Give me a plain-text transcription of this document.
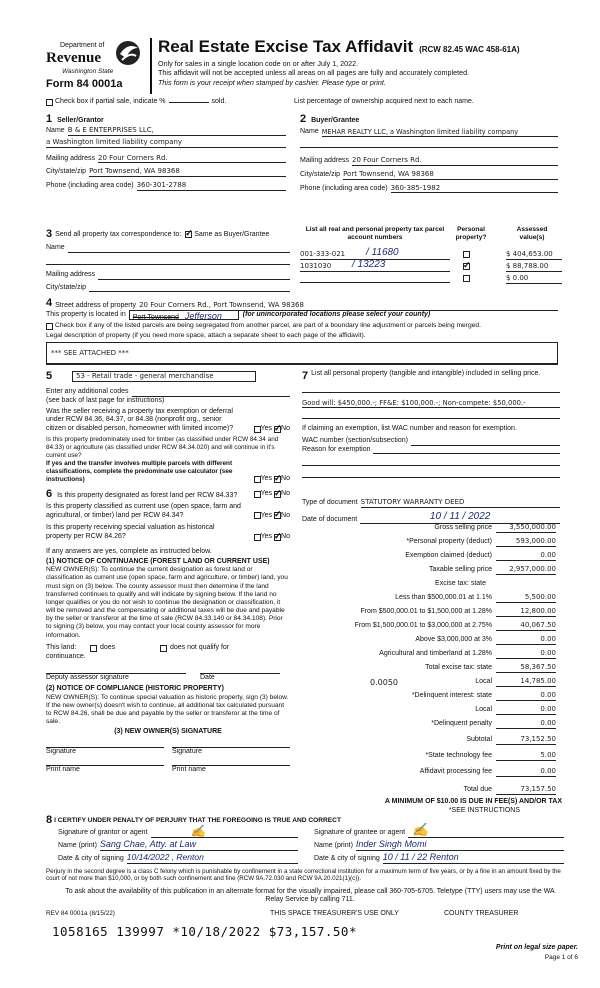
Department of
Revenue
Washington State
Form 84 0001a
Real Estate Excise Tax Affidavit (RCW 82.45 WAC 458-61A)
Only for sales in a single location code on or after July 1, 2022.
This affidavit will not be accepted unless all areas on all pages are fully and accurately completed.
This form is your receipt when stamped by cashier. Please type or print.
Check box if partial sale, indicate %	sold.	List percentage of ownership acquired next to each name.
1 Seller/Grantor
Name B & E ENTERPRISES LLC,
a Washington limited liability company
Mailing address 20 Four Corners Rd.
City/state/zip Port Townsend, WA 98368
Phone (including area code) 360-301-2788
2 Buyer/Grantee
Name MEHAR REALTY LLC, a Washington limited liability company
Mailing address 20 Four Corners Rd.
City/state/zip Port Townsend, WA 98368
Phone (including area code) 360-385-1982
3 Send all property tax correspondence to: ✓ Same as Buyer/Grantee
Name
Mailing address
City/state/zip
List all real and personal property tax parcel account numbers
Personal property?
Assessed value(s)
001-333-021	/ 11680	$ 404,653.00
1031030	/ 13223 ✓	$ 88,788.00
$ 0.00
4 Street address of property 20 Four Corners Rd., Port Townsend, WA 98368
This property is located in	Port Townsend Jefferson	(for unincorporated locations please select your county)
Check box if any of the listed parcels are being segregated from another parcel, are part of a boundary line adjustment or parcels being merged.
Legal description of property (if you need more space, attach a separate sheet to each page of the affidavit).
*** SEE ATTACHED ***
5	53 - Retail trade - general merchandise
Enter any additional codes
(see back of last page for instructions)
Was the seller receiving a property tax exemption or deferral under RCW 84.36, 84.37, or 84.38 (nonprofit org., senior citizen or disabled person, homeowner with limited income)?	Yes ✓ No
Is this property predominately used for timber (as classified under RCW 84.34 and 84.33) or agriculture (as classified under RCW 84.34.020) and will continue in it's current use?
If yes and the transfer involves multiple parcels with different classifications, complete the predominate use calculator (see instructions)	Yes ✓ No
6 Is this property designated as forest land per RCW 84.33?	Yes ✓ No
Is this property classified as current use (open space, farm and agricultural, or timber) land per RCW 84.34?	Yes ✓ No
Is this property receiving special valuation as historical property per RCW 84.26?	Yes ✓ No
If any answers are yes, complete as instructed below.
(1) NOTICE OF CONTINUANCE (FOREST LAND OR CURRENT USE)
NEW OWNER(S): To continue the current designation as forest land or classification as current use (open space, farm and agriculture, or timber) land, you must sign on (3) below. The county assessor must then determine if the land transferred continues to qualify and will indicate by signing below. If the land no longer qualifies or you do not wish to continue the designation or classification, it will be removed and the compensating or additional taxes will be due and payable by the seller or transferor at the time of sale (RCW 84.33.140 or 84.34.108). Prior to signing (3) below, you may contact your local county assessor for more information.
This land:	does	does not qualify for
continuance.
Deputy assessor signature	Date
(2) NOTICE OF COMPLIANCE (HISTORIC PROPERTY)
NEW OWNER(S): To continue special valuation as historic property, sign (3) below. If the new owner(s) doesn't wish to continue, all additional tax calculated pursuant to RCW 84.26, shall be due and payable by the seller or transferor at the time of sale.
(3) NEW OWNER(S) SIGNATURE
Signature	Signature
Print name	Print name
7 List all personal property (tangible and intangible) included in selling price.
Good will: $450,000.-; FF&E: $100,000.-; Non-compete: $50,000.-
If claiming an exemption, list WAC number and reason for exemption.
WAC number (section/subsection)
Reason for exemption
Type of document STATUTORY WARRANTY DEED
Date of document	10 / 11 / 2022
Gross selling price	3,550,000.00
*Personal property (deduct)	593,000.00
Exemption claimed (deduct)	0.00
Taxable selling price	2,957,000.00
Excise tax: state
Less than $500,000.01 at 1.1%	5,500.00
From $500,000.01 to $1,500,000 at 1.28%	12,800.00
From $1,500,000.01 to $3,000,000 at 2.75%	40,067.50
Above $3,000,000 at 3%	0.00
Agricultural and timberland at 1.28%	0.00
Total excise tax: state	58,367.50
0.0050	Local	14,785.00
*Delinquent interest: state	0.00
Local	0.00
*Delinquent penalty	0.00
Subtotal	73,152.50
*State technology fee	5.00
Affidavit processing fee	0.00
Total due	73,157.50
A MINIMUM OF $10.00 IS DUE IN FEE(S) AND/OR TAX
*SEE INSTRUCTIONS
8 I CERTIFY UNDER PENALTY OF PERJURY THAT THE FOREGOING IS TRUE AND CORRECT
Signature of grantor or agent	✍
Name (print) Sang Chae, Atty. at Law
Date & city of signing 10/14/2022 , Renton
Signature of grantee or agent ✍
Name (print) Inder Singh Momi
Date & city of signing 10 / 11 / 22 Renton
Perjury in the second degree is a class C felony which is punishable by confinement in a state correctional institution for a maximum term of five years, or by a fine in an amount fixed by the court of not more than $10,000, or by both such confinement and fine (RCW 9A.72.030 and RCW 9A.20.021(1)(c)).
To ask about the availability of this publication in an alternate format for the visually impaired, please call 360-705-6705. Teletype (TTY) users may use the WA Relay Service by calling 711.
REV 84 0001a (8/15/22)	THIS SPACE TREASURER'S USE ONLY	COUNTY TREASURER
1058165 139997 *10/18/2022 $73,157.50*
Print on legal size paper.
Page 1 of 6
